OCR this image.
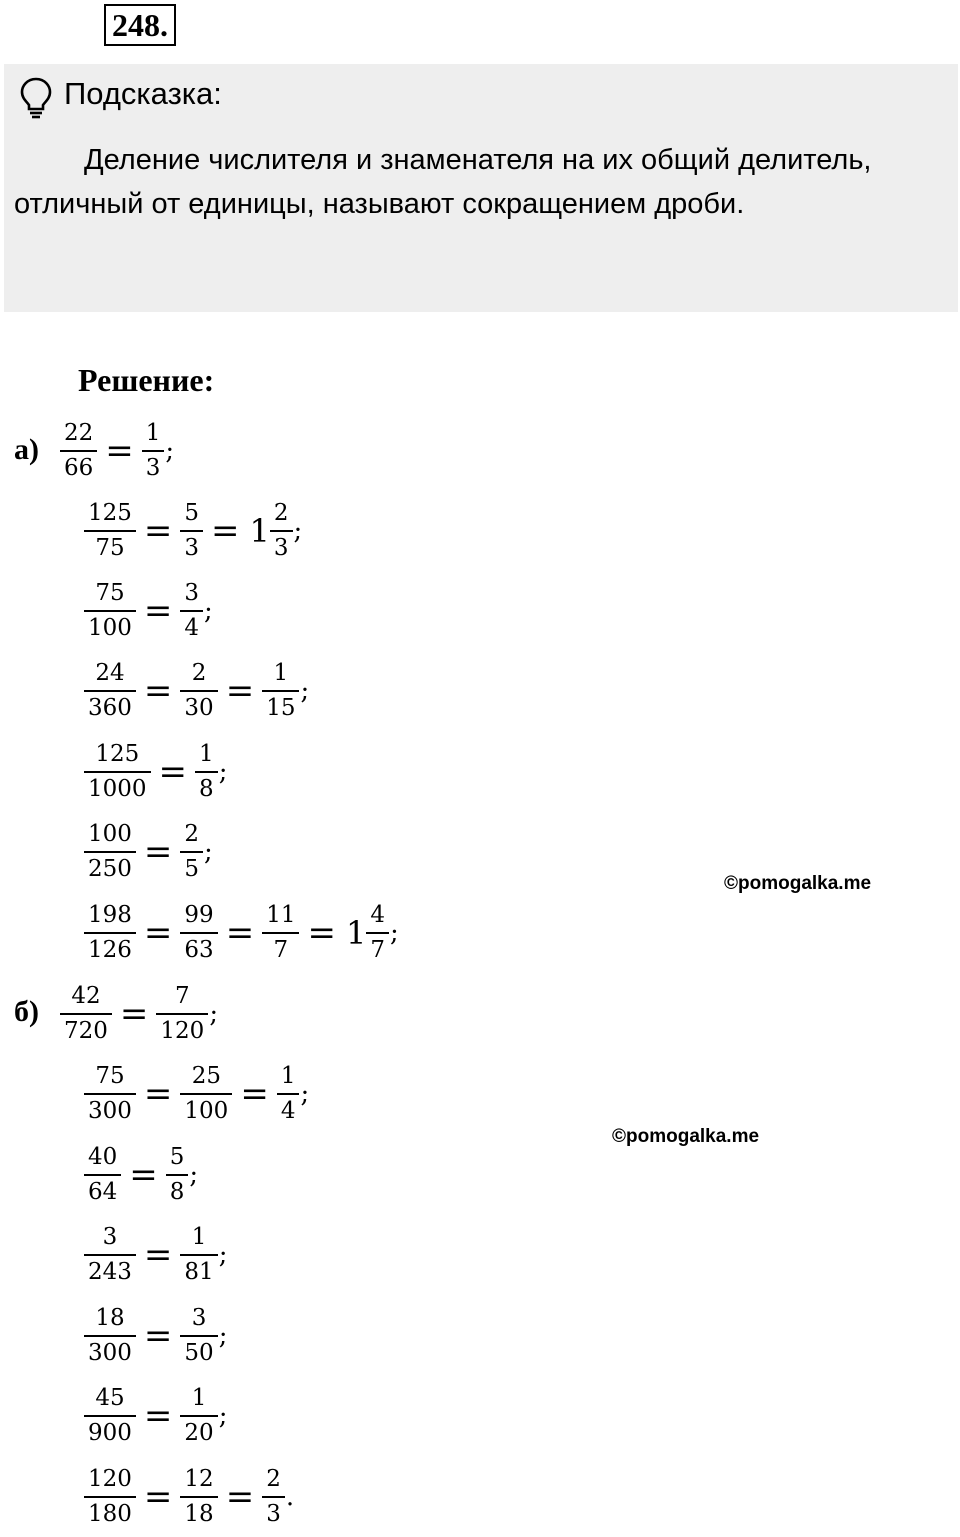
248.
Подсказка:

Деление числителя и знаменателя на их общий делитель, отличный от единицы, называют сокращением дроби.

Решение:
а)
б)
$\frac{22}{66} = \frac{1}{3}$ ;
$\frac{125}{75} = \frac{5}{3} = 1 \frac{2}{3}$ ;
$\frac{75}{100} = \frac{3}{4}$ ;
$\frac{24}{360} = \frac{2}{30} = \frac{1}{15}$ ;
$\frac{125}{1000} = \frac{1}{8}$ ;
$\frac{100}{250} = \frac{2}{5}$ ;
$\frac{198}{126} = \frac{99}{63} = \frac{11}{7} = 1 \frac{4}{7}$ ;
$\frac{42}{720} = \frac{7}{120}$ ;
$\frac{75}{300} = \frac{25}{100} = \frac{1}{4}$ ;
$\frac{40}{64} = \frac{5}{8}$ ;
$\frac{3}{243} = \frac{1}{81}$ ;
$\frac{18}{300} = \frac{3}{50}$ ;
$\frac{45}{900} = \frac{1}{20}$ ;
$\frac{120}{180} = \frac{12}{18} = \frac{2}{3}$ .
©pomogalka.me
©pomogalka.me
